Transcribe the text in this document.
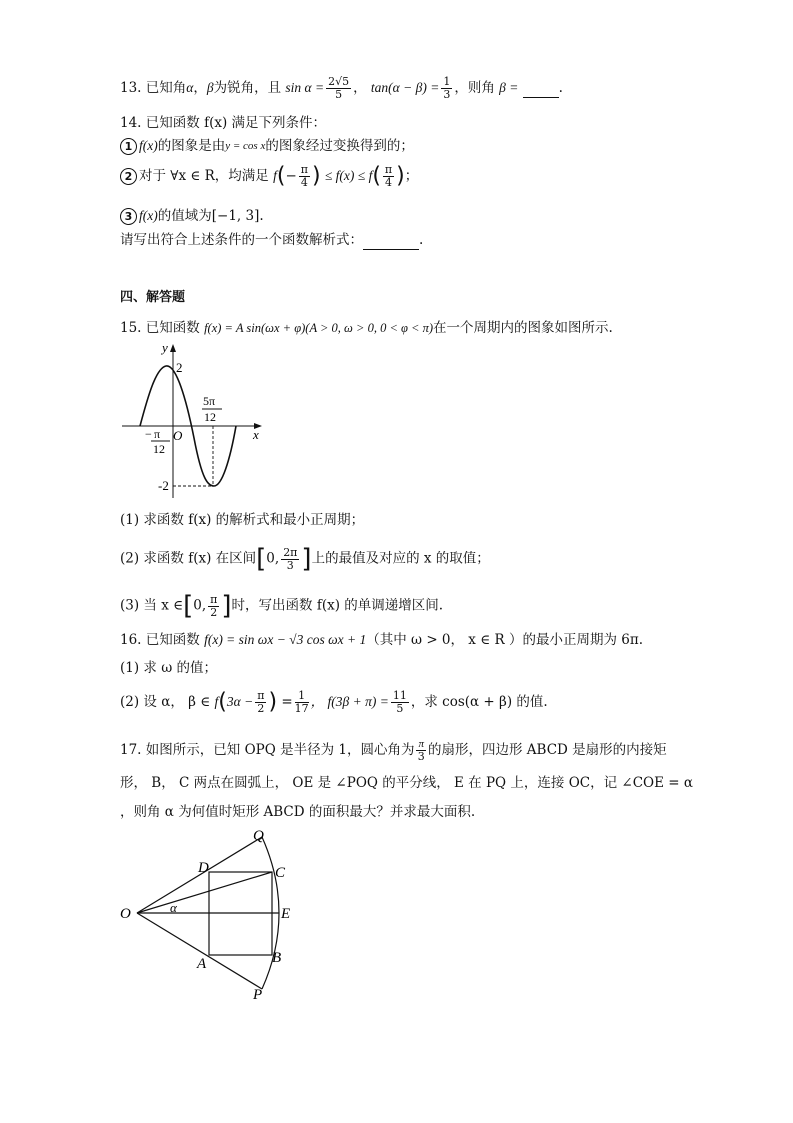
13. 已知角α，β为锐角，且 $\sin \alpha = \frac{2√5}{5}$ ， $\tan(\alpha - \beta) = \frac{1}{3}$ ，则角 β =	.
14. 已知函数 f(x) 满足下列条件：
1 f(x)的图象是由$^{y = cos x}$的图象经过变换得到的；
2 对于 ∀x ∈ R，均满足 $f(- \frac{\pi}{4}$ ) ≤ $f(x) \le f( \frac{\pi}{4}$ )；
3 f(x)的值域为[−1, 3].
请写出符合上述条件的一个函数解析式：	.
四、解答题
15. 已知函数 f(x) = A sin(ωx + φ)(A > 0, ω > 0, 0 < φ < π)在一个周期内的图象如图所示.
y
x
O
2
-2
− π
12
5π
12
(1) 求函数 f(x) 的解析式和最小正周期；
(2) 求函数 f(x) 在区间[0, $\frac{2\pi}{3}$ ]上的最值及对应的 x 的取值；
(3) 当 x ∈[0, $\frac{\pi}{2}$ ]时，写出函数 f(x) 的单调递增区间.
16. 已知函数 f(x) = sin ωx − √3 cos ωx + 1（其中 ω > 0， x ∈ R ）的最小正周期为 6π.
(1) 求 ω 的值；
(2) 设 α， β ∈ $f(3\alpha - \frac{\pi}{2}$ ) = $\frac{1}{17}$ ， $f(3\beta + \pi) = \frac{11}{5}$ ，求 cos(α + β) 的值.
17. 如图所示，已知 OPQ 是半径为 1，圆心角为 $\frac{\pi}{3}$ 的扇形，四边形 ABCD 是扇形的内接矩
形， B， C 两点在圆弧上， OE 是 ∠POQ 的平分线， E 在 PQ 上，连接 OC，记 ∠COE = α
，则角 α 为何值时矩形 ABCD 的面积最大？并求最大面积.
O
Q
P
D	C
A	B
E
α
